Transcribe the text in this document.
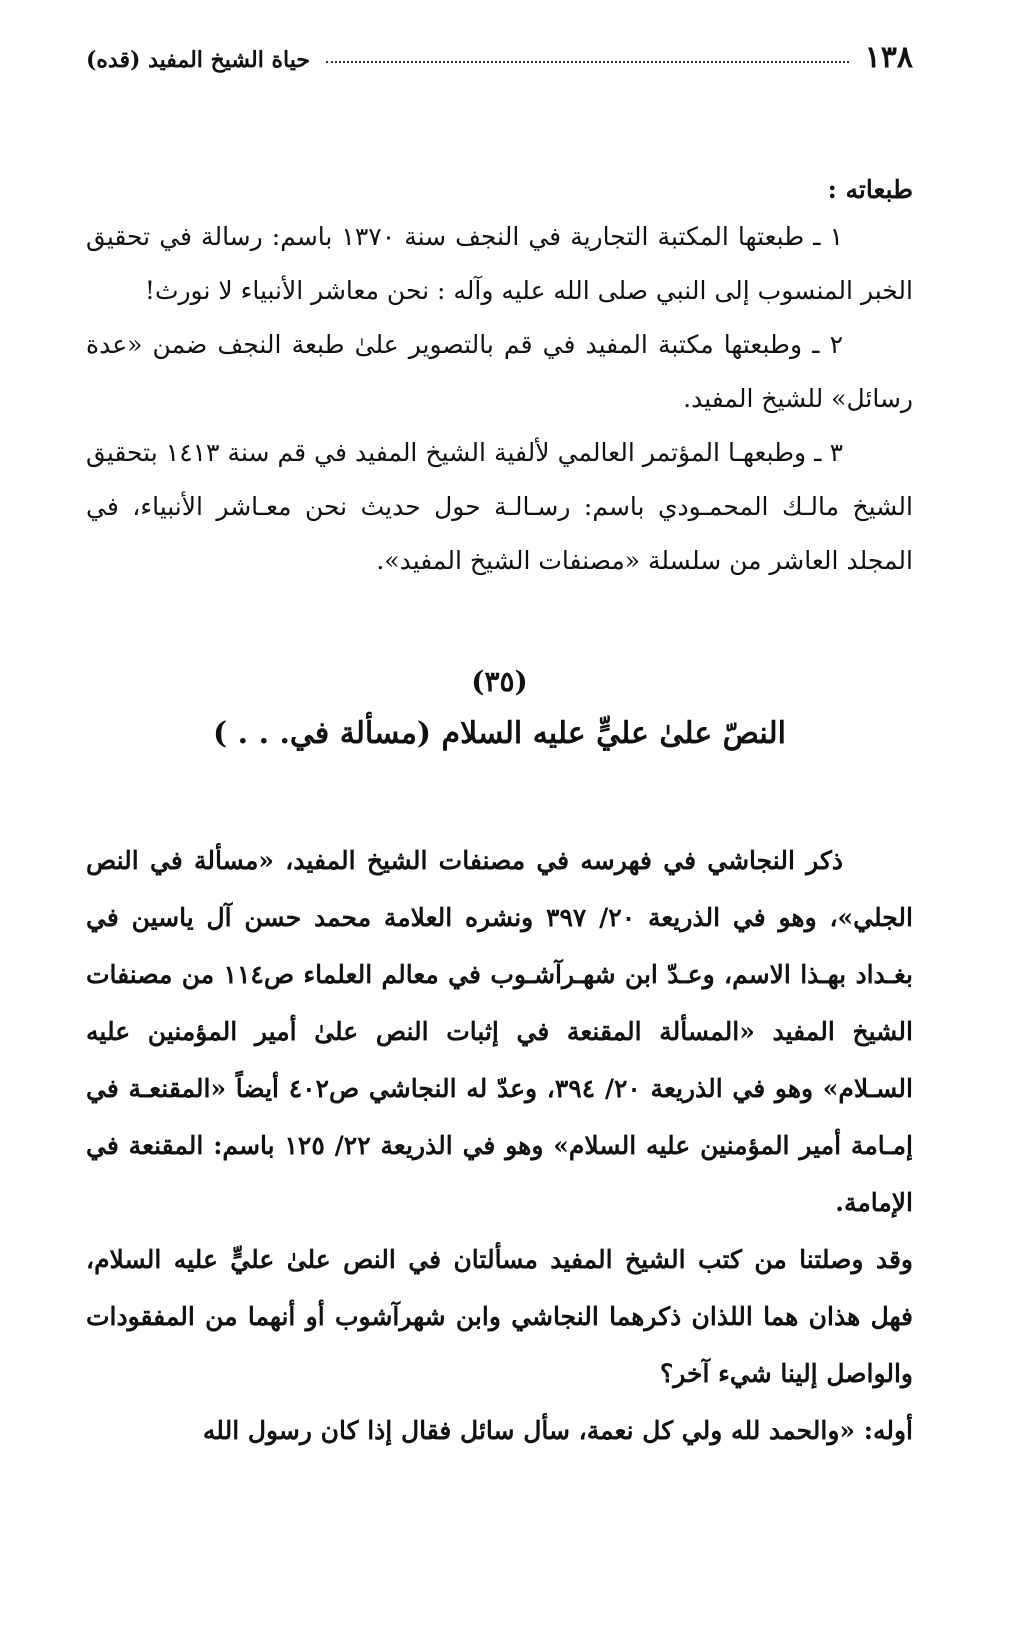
١٣٨
حياة الشيخ المفيد (قده)
طبعاته :

١ ـ طبعتها المكتبة التجارية في النجف سنة ١٣٧٠ باسم: رسالة في تحقيق الخبر المنسوب إلى النبي صلى الله عليه وآله : نحن معاشر الأنبياء لا نورث!

٢ ـ وطبعتها مكتبة المفيد في قم بالتصوير علىٰ طبعة النجف ضمن «عدة رسائل» للشيخ المفيد.

٣ ـ وطبعهـا المؤتمر العالمي لألفية الشيخ المفيد في قم سنة ١٤١٣ بتحقيق الشيخ مالـك المحمـودي باسم: رسـالـة حول حديث نحن معـاشر الأنبياء، في المجلد العاشر من سلسلة «مصنفات الشيخ المفيد».

(٣٥)
النصّ علىٰ عليٍّ عليه السلام (مسألة في. . . )

ذكر النجاشي في فهرسه في مصنفات الشيخ المفيد، «مسألة في النص الجلي»، وهو في الذريعة ٢٠/ ٣٩٧ ونشره العلامة محمد حسن آل ياسين في بغـداد بهـذا الاسم، وعـدّ ابن شهـرآشـوب في معالم العلماء ص١١٤ من مصنفات الشيخ المفيد «المسألة المقنعة في إثبات النص علىٰ أمير المؤمنين عليه السـلام» وهو في الذريعة ٢٠/ ٣٩٤، وعدّ له النجاشي ص٤٠٢ أيضاً «المقنعـة في إمـامة أمير المؤمنين عليه السلام» وهو في الذريعة ٢٢/ ١٢٥ باسم: المقنعة في الإمامة.

وقد وصلتنا من كتب الشيخ المفيد مسألتان في النص علىٰ عليٍّ عليه السلام، فهل هذان هما اللذان ذكرهما النجاشي وابن شهرآشوب أو أنهما من المفقودات والواصل إلينا شيء آخر؟

أوله: «والحمد لله ولي كل نعمة، سأل سائل فقال إذا كان رسول الله
